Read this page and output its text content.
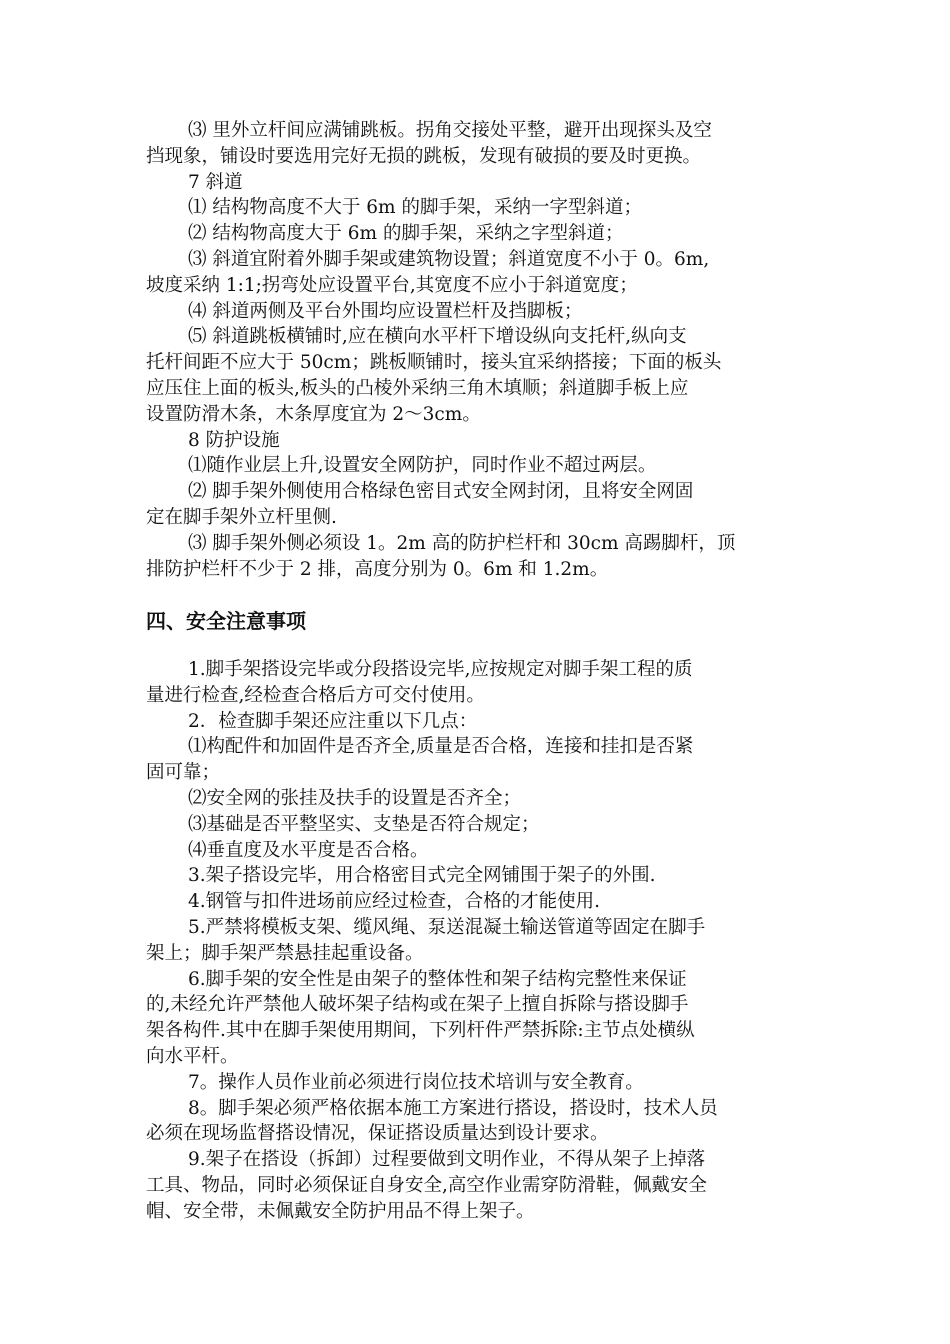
⑶ 里外立杆间应满铺跳板。拐角交接处平整，避开出现探头及空

挡现象，铺设时要选用完好无损的跳板，发现有破损的要及时更换。

7 斜道

⑴ 结构物高度不大于 6m 的脚手架，采纳一字型斜道；

⑵ 结构物高度大于 6m 的脚手架，采纳之字型斜道；

⑶ 斜道宜附着外脚手架或建筑物设置；斜道宽度不小于 0。6m,

坡度采纳 1:1;拐弯处应设置平台,其宽度不应小于斜道宽度；

⑷ 斜道两侧及平台外围均应设置栏杆及挡脚板；

⑸ 斜道跳板横铺时,应在横向水平杆下增设纵向支托杆,纵向支

托杆间距不应大于 50cm；跳板顺铺时，接头宜采纳搭接；下面的板头

应压住上面的板头,板头的凸棱外采纳三角木填顺；斜道脚手板上应

设置防滑木条，木条厚度宜为 2～3cm。

8 防护设施

⑴随作业层上升,设置安全网防护，同时作业不超过两层。

⑵ 脚手架外侧使用合格绿色密目式安全网封闭，且将安全网固

定在脚手架外立杆里侧.

⑶ 脚手架外侧必须设 1。2m 高的防护栏杆和 30cm 高踢脚杆，顶

排防护栏杆不少于 2 排，高度分别为 0。6m 和 1.2m。

四、安全注意事项

1.脚手架搭设完毕或分段搭设完毕,应按规定对脚手架工程的质

量进行检查,经检查合格后方可交付使用。

2．检查脚手架还应注重以下几点：

⑴构配件和加固件是否齐全,质量是否合格，连接和挂扣是否紧

固可靠；

⑵安全网的张挂及扶手的设置是否齐全；

⑶基础是否平整坚实、支垫是否符合规定；

⑷垂直度及水平度是否合格。

3.架子搭设完毕，用合格密目式完全网铺围于架子的外围.

4.钢管与扣件进场前应经过检查，合格的才能使用.

5.严禁将模板支架、缆风绳、泵送混凝土输送管道等固定在脚手

架上；脚手架严禁悬挂起重设备。

6.脚手架的安全性是由架子的整体性和架子结构完整性来保证

的,未经允许严禁他人破坏架子结构或在架子上擅自拆除与搭设脚手

架各构件.其中在脚手架使用期间，下列杆件严禁拆除:主节点处横纵

向水平杆。

7。操作人员作业前必须进行岗位技术培训与安全教育。

8。脚手架必须严格依据本施工方案进行搭设，搭设时，技术人员

必须在现场监督搭设情况，保证搭设质量达到设计要求。

9.架子在搭设（拆卸）过程要做到文明作业，不得从架子上掉落

工具、物品，同时必须保证自身安全,高空作业需穿防滑鞋，佩戴安全

帽、安全带，未佩戴安全防护用品不得上架子。
